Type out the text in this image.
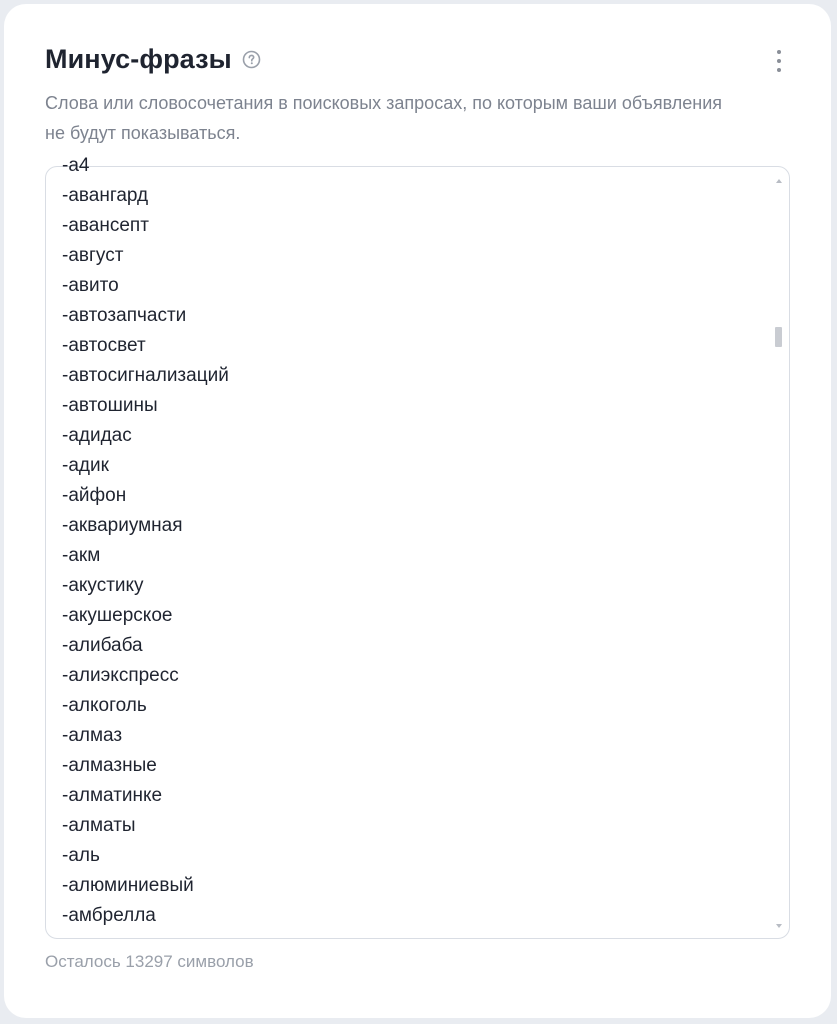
Минус-фразы
Слова или словосочетания в поисковых запросах, по которым ваши объявления не будут показываться.
-а4
-авангард
-авансепт
-август
-авито
-автозапчасти
-автосвет
-автосигнализаций
-автошины
-адидас
-адик
-айфон
-аквариумная
-акм
-акустику
-акушерское
-алибаба
-алиэкспресс
-алкоголь
-алмаз
-алмазные
-алматинке
-алматы
-аль
-алюминиевый
-амбрелла
Осталось 13297 символов
